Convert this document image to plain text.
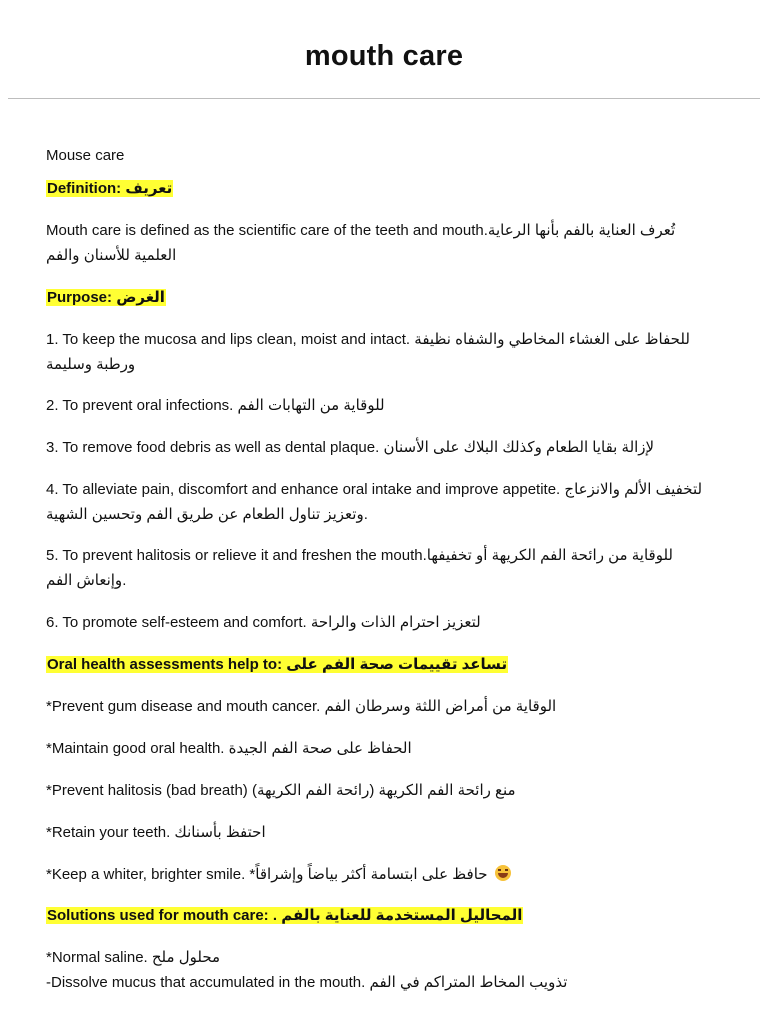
mouth care
Mouse care
Definition: تعريف
Mouth care is defined as the scientific care of the teeth and mouth.تُعرف العناية بالفم بأنها الرعاية العلمية للأسنان والفم
Purpose: الغرض
1. To keep the mucosa and lips clean, moist and intact. للحفاظ على الغشاء المخاطي والشفاه نظيفة ورطبة وسليمة
2. To prevent oral infections. للوقاية من التهابات الفم
3. To remove food debris as well as dental plaque. لإزالة بقايا الطعام وكذلك البلاك على الأسنان
4. To alleviate pain, discomfort and enhance oral intake and improve appetite. لتخفيف الألم والانزعاج وتعزيز تناول الطعام عن طريق الفم وتحسين الشهية.
5. To prevent halitosis or relieve it and freshen the mouth.للوقاية من رائحة الفم الكريهة أو تخفيفها وإنعاش الفم.
6. To promote self-esteem and comfort. لتعزيز احترام الذات والراحة
Oral health assessments help to: تساعد تقييمات صحة الفم على
*Prevent gum disease and mouth cancer. الوقاية من أمراض اللثة وسرطان الفم
*Maintain good oral health. الحفاظ على صحة الفم الجيدة
*Prevent halitosis (bad breath) (رائحة الفم الكريهة) منع رائحة الفم الكريهة
*Retain your teeth. احتفظ بأسنانك
*Keep a whiter, brighter smile. *حافظ على ابتسامة أكثر بياضاً وإشراقاً
Solutions used for mouth care: . المحاليل المستخدمة للعناية بالفم
*Normal saline. محلول ملح
-Dissolve mucus that accumulated in the mouth. تذويب المخاط المتراكم في الفم
